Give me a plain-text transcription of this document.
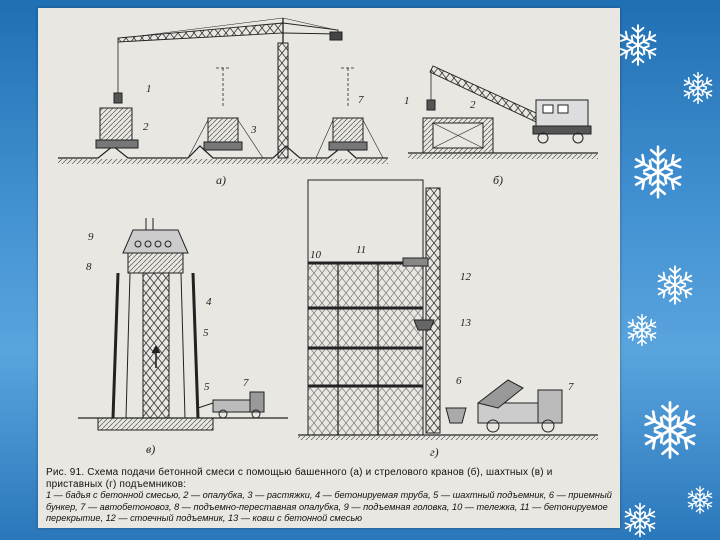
1
2	3
7
а)
1	2
б)
9
8
4
5
5	7
в)
10	11
12
13
6	7
г)
Рис. 91. Схема подачи бетонной смеси с помощью башенного (а) и стрелового кранов (б), шахтных (в) и приставных (г) подъемников:
1 — бадья с бетонной смесью, 2 — опалубка, 3 — растяжки, 4 — бетонируемая труба, 5 — шахтный подъемник, 6 — приемный бункер, 7 — автобетоновоз, 8 — подъемно-переставная опалубка, 9 — подъемная головка, 10 — тележка, 11 — бетонируемое перекрытие, 12 — стоечный подъемник, 13 — ковш с бетонной смесью
